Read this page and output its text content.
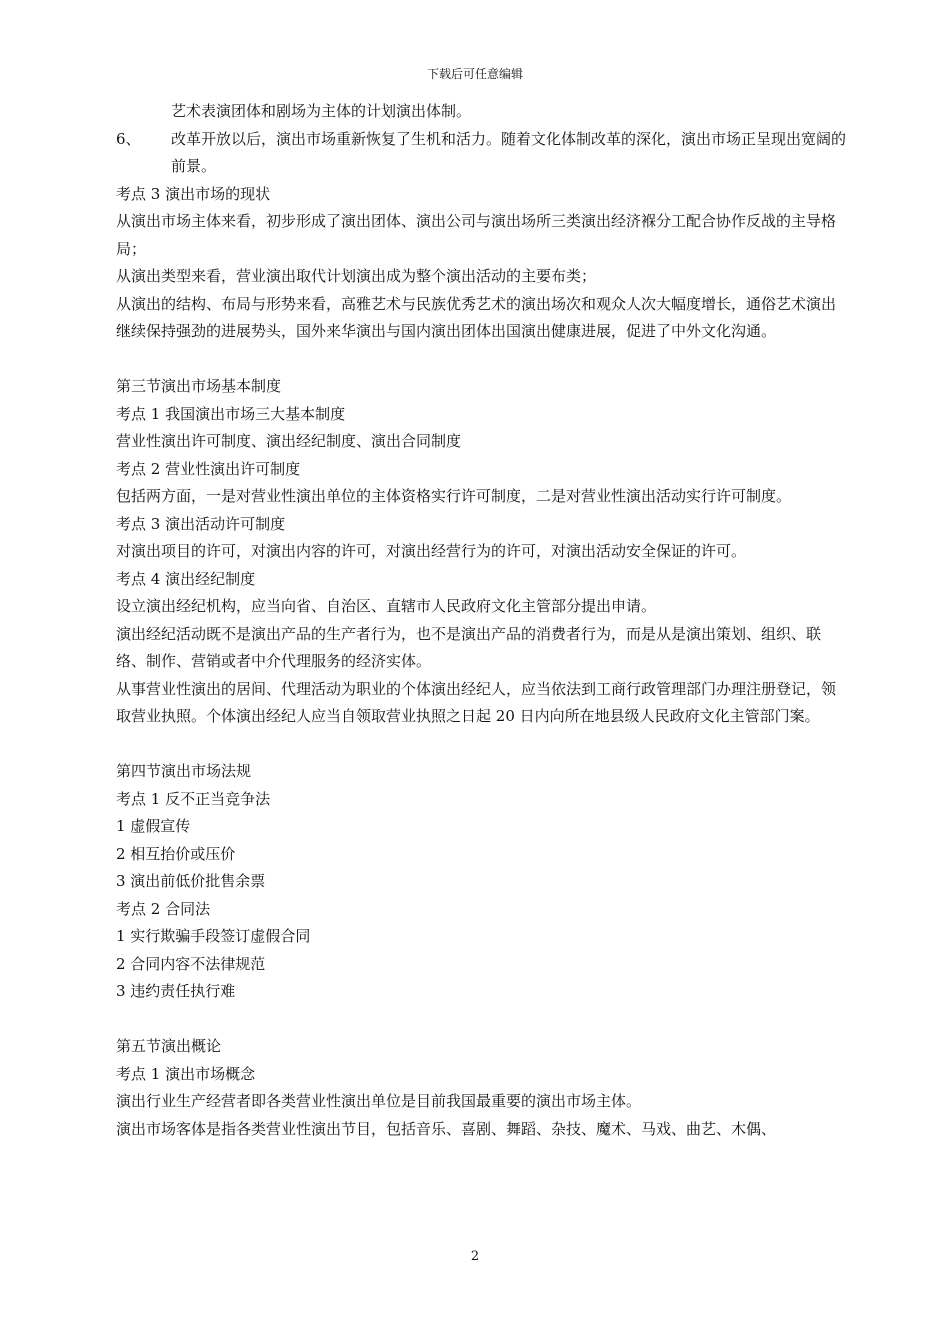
下载后可任意编辑

艺术表演团体和剧场为主体的计划演出体制。

6、	改革开放以后，演出市场重新恢复了生机和活力。随着文化体制改革的深化，演出市场正呈现出宽阔的前景。

考点 3 演出市场的现状

从演出市场主体来看，初步形成了演出团体、演出公司与演出场所三类演出经济褓分工配合协作反战的主导格局；

从演出类型来看，营业演出取代计划演出成为整个演出活动的主要布类；

从演出的结构、布局与形势来看，高雅艺术与民族优秀艺术的演出场次和观众人次大幅度增长，通俗艺术演出继续保持强劲的进展势头，国外来华演出与国内演出团体出国演出健康进展，促进了中外文化沟通。

第三节演出市场基本制度

考点 1 我国演出市场三大基本制度

营业性演出许可制度、演出经纪制度、演出合同制度

考点 2 营业性演出许可制度

包括两方面，一是对营业性演出单位的主体资格实行许可制度，二是对营业性演出活动实行许可制度。

考点 3 演出活动许可制度

对演出项目的许可，对演出内容的许可，对演出经营行为的许可，对演出活动安全保证的许可。

考点 4 演出经纪制度

设立演出经纪机构，应当向省、自治区、直辖市人民政府文化主管部分提出申请。

演出经纪活动既不是演出产品的生产者行为，也不是演出产品的消费者行为，而是从是演出策划、组织、联络、制作、营销或者中介代理服务的经济实体。

从事营业性演出的居间、代理活动为职业的个体演出经纪人，应当依法到工商行政管理部门办理注册登记，领取营业执照。个体演出经纪人应当自领取营业执照之日起 20 日内向所在地县级人民政府文化主管部门案。

第四节演出市场法规

考点 1 反不正当竞争法

1 虚假宣传

2 相互抬价或压价

3 演出前低价批售余票

考点 2 合同法

1 实行欺骗手段签订虚假合同

2 合同内容不法律规范

3 违约责任执行难

第五节演出概论

考点 1 演出市场概念

演出行业生产经营者即各类营业性演出单位是目前我国最重要的演出市场主体。

演出市场客体是指各类营业性演出节目，包括音乐、喜剧、舞蹈、杂技、魔术、马戏、曲艺、木偶、

2
